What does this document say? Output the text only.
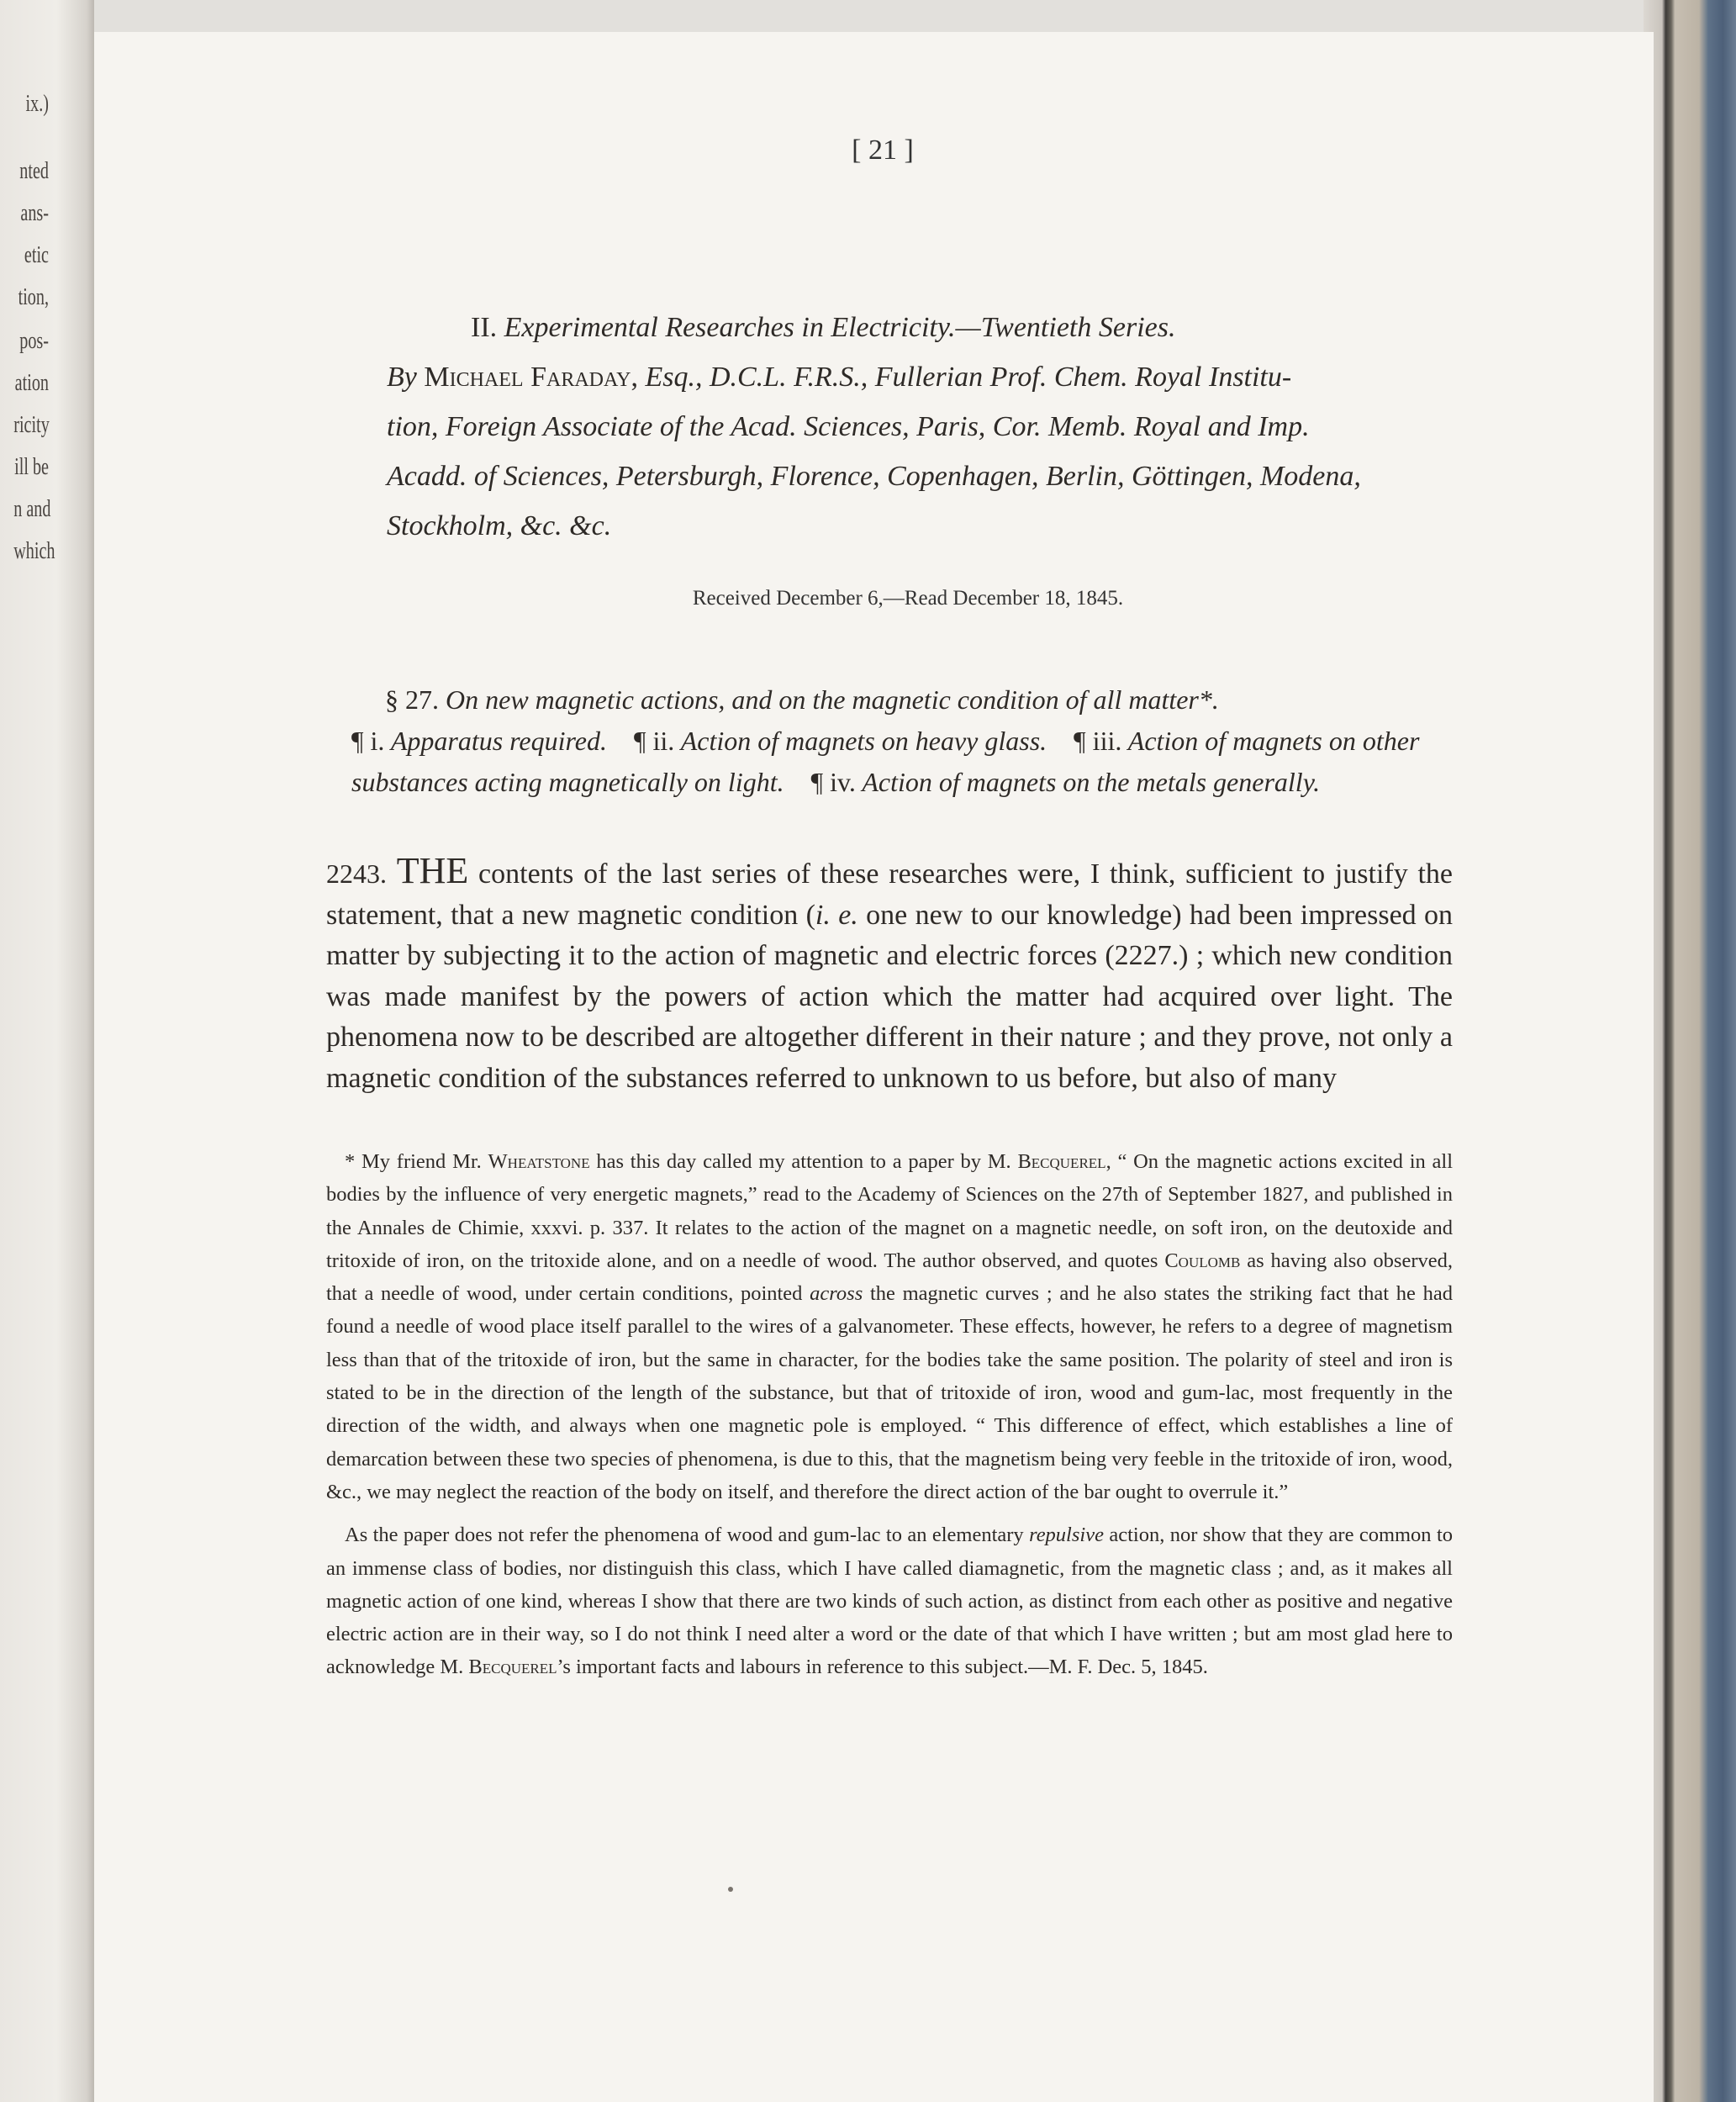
ix.)
nted
ans-
etic
tion,
pos-
ation
ricity
ill be
n and
which
[ 21 ]
II. Experimental Researches in Electricity.—Twentieth Series.
By Michael Faraday, Esq., D.C.L. F.R.S., Fullerian Prof. Chem. Royal Institu-
tion, Foreign Associate of the Acad. Sciences, Paris, Cor. Memb. Royal and Imp.
Acadd. of Sciences, Petersburgh, Florence, Copenhagen, Berlin, Göttingen, Modena,
Stockholm, &c. &c.
Received December 6,—Read December 18, 1845.
§ 27. On new magnetic actions, and on the magnetic condition of all matter*.
¶ i. Apparatus required. ¶ ii. Action of magnets on heavy glass. ¶ iii. Action of magnets on other substances acting magnetically on light. ¶ iv. Action of magnets on the metals generally.
2243. THE contents of the last series of these researches were, I think, sufficient to justify the statement, that a new magnetic condition (i. e. one new to our knowledge) had been impressed on matter by subjecting it to the action of magnetic and electric forces (2227.) ; which new condition was made manifest by the powers of action which the matter had acquired over light. The phenomena now to be described are altogether different in their nature ; and they prove, not only a magnetic condition of the substances referred to unknown to us before, but also of many

* My friend Mr. Wheatstone has this day called my attention to a paper by M. Becquerel, “ On the magnetic actions excited in all bodies by the influence of very energetic magnets,” read to the Academy of Sciences on the 27th of September 1827, and published in the Annales de Chimie, xxxvi. p. 337. It relates to the action of the magnet on a magnetic needle, on soft iron, on the deutoxide and tritoxide of iron, on the tritoxide alone, and on a needle of wood. The author observed, and quotes Coulomb as having also observed, that a needle of wood, under certain conditions, pointed across the magnetic curves ; and he also states the striking fact that he had found a needle of wood place itself parallel to the wires of a galvanometer. These effects, however, he refers to a degree of magnetism less than that of the tritoxide of iron, but the same in character, for the bodies take the same position. The polarity of steel and iron is stated to be in the direction of the length of the substance, but that of tritoxide of iron, wood and gum-lac, most frequently in the direction of the width, and always when one magnetic pole is employed. “ This difference of effect, which establishes a line of demarcation between these two species of phenomena, is due to this, that the magnetism being very feeble in the tritoxide of iron, wood, &c., we may neglect the reaction of the body on itself, and therefore the direct action of the bar ought to overrule it.”

As the paper does not refer the phenomena of wood and gum-lac to an elementary repulsive action, nor show that they are common to an immense class of bodies, nor distinguish this class, which I have called diamagnetic, from the magnetic class ; and, as it makes all magnetic action of one kind, whereas I show that there are two kinds of such action, as distinct from each other as positive and negative electric action are in their way, so I do not think I need alter a word or the date of that which I have written ; but am most glad here to acknowledge M. Becquerel’s important facts and labours in reference to this subject.—M. F. Dec. 5, 1845.
